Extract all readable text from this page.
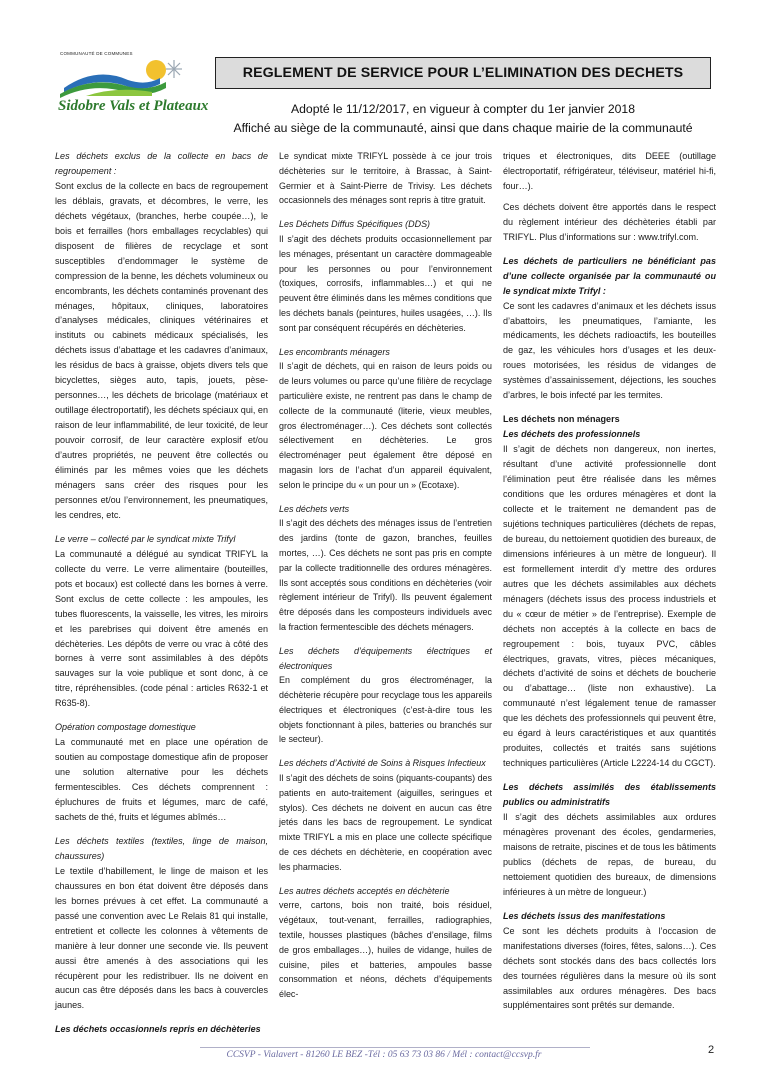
COMMUNAUTÉ DE COMMUNES
Sidobre Vals et Plateaux
REGLEMENT DE SERVICE POUR L’ELIMINATION DES DECHETS
Adopté le 11/12/2017, en vigueur à compter du 1er janvier 2018
Affiché au siège de la communauté, ainsi que dans chaque mairie de la communauté

Les déchets exclus de la collecte en bacs de regroupement :

Sont exclus de la collecte en bacs de regroupement les déblais, gravats, et décombres, le verre, les déchets végétaux, (branches, herbe coupée…), le bois et ferrailles (hors emballages recyclables) qui disposent de filières de recyclage et sont susceptibles d’endommager le système de compression de la benne, les déchets volumineux ou encombrants, les déchets contaminés provenant des ménages, hôpitaux, cliniques, laboratoires d’analyses médicales, cliniques vétérinaires et instituts ou cabinets médicaux spécialisés, les déchets issus d’abattage et les cadavres d’animaux, les résidus de bacs à graisse, objets divers tels que bicyclettes, sièges auto, tapis, jouets, pèse-personnes…, les déchets de bricolage (matériaux et outillage électroportatif), les déchets spéciaux qui, en raison de leur inflammabilité, de leur toxicité, de leur pouvoir corrosif, de leur caractère explosif et/ou d’autres propriétés, ne peuvent être collectés ou éliminés par les mêmes voies que les déchets ménagers sans créer des risques pour les personnes et/ou l’environnement, les pneumatiques, les cendres, etc.

Le verre – collecté par le syndicat mixte Trifyl

La communauté a délégué au syndicat TRIFYL la collecte du verre. Le verre alimentaire (bouteilles, pots et bocaux) est collecté dans les bornes à verre. Sont exclus de cette collecte : les ampoules, les tubes fluorescents, la vaisselle, les vitres, les miroirs et les parebrises qui doivent être amenés en déchèteries. Les dépôts de verre ou vrac à côté des bornes à verre sont assimilables à des dépôts sauvages sur la voie publique et sont donc, à ce titre, répréhensibles. (code pénal : articles R632-1 et R635-8).

Opération compostage domestique

La communauté met en place une opération de soutien au compostage domestique afin de proposer une solution alternative pour les déchets fermentescibles. Ces déchets comprennent : épluchures de fruits et légumes, marc de café, sachets de thé, fruits et légumes abîmés…

Les déchets textiles (textiles, linge de maison, chaussures)

Le textile d’habillement, le linge de maison et les chaussures en bon état doivent être déposés dans les bornes prévues à cet effet. La communauté a passé une convention avec Le Relais 81 qui installe, entretient et collecte les colonnes à vêtements de manière à leur donner une seconde vie. Ils peuvent aussi être amenés à des associations qui les récupèrent pour les redistribuer. Ils ne doivent en aucun cas être déposés dans les bacs à couvercles jaunes.

Les déchets occasionnels repris en déchèteries

Le syndicat mixte TRIFYL possède à ce jour trois déchèteries sur le territoire, à Brassac, à Saint-Germier et à Saint-Pierre de Trivisy. Les déchets occasionnels des ménages sont repris à titre gratuit.

Les Déchets Diffus Spécifiques (DDS)

Il s’agit des déchets produits occasionnellement par les ménages, présentant un caractère dommageable pour les personnes ou pour l’environnement (toxiques, corrosifs, inflammables…) et qui ne peuvent être éliminés dans les mêmes conditions que les déchets banals (peintures, huiles usagées, …). Ils sont par conséquent récupérés en déchèteries.

Les encombrants ménagers

Il s’agit de déchets, qui en raison de leurs poids ou de leurs volumes ou parce qu’une filière de recyclage particulière existe, ne rentrent pas dans le champ de collecte de la communauté (literie, vieux meubles, gros électroménager…). Ces déchets sont collectés sélectivement en déchèteries. Le gros électroménager peut également être déposé en magasin lors de l’achat d’un appareil équivalent, selon le principe du « un pour un » (Ecotaxe).

Les déchets verts

Il s’agit des déchets des ménages issus de l’entretien des jardins (tonte de gazon, branches, feuilles mortes, …). Ces déchets ne sont pas pris en compte par la collecte traditionnelle des ordures ménagères. Ils sont acceptés sous conditions en déchèteries (voir règlement intérieur de Trifyl). Ils peuvent également être déposés dans les composteurs individuels avec la fraction fermentescible des déchets ménagers.

Les déchets d’équipements électriques et électroniques

En complément du gros électroménager, la déchèterie récupère pour recyclage tous les appareils électriques et électroniques (c’est-à-dire tous les objets fonctionnant à piles, batteries ou branchés sur le secteur).

Les déchets d’Activité de Soins à Risques Infectieux

Il s’agit des déchets de soins (piquants-coupants) des patients en auto-traitement (aiguilles, seringues et stylos). Ces déchets ne doivent en aucun cas être jetés dans les bacs de regroupement. Le syndicat mixte TRIFYL a mis en place une collecte spécifique de ces déchets en déchèterie, en coopération avec les pharmacies.

Les autres déchets acceptés en déchèterie

verre, cartons, bois non traité, bois résiduel, végétaux, tout-venant, ferrailles, radiographies, textile, housses plastiques (bâches d’ensilage, films de gros emballages…), huiles de vidange, huiles de cuisine, piles et batteries, ampoules basse consommation et néons, déchets d’équipements élec-

triques et électroniques, dits DEEE (outillage électroportatif, réfrigérateur, téléviseur, matériel hi-fi, four…).

Ces déchets doivent être apportés dans le respect du règlement intérieur des déchèteries établi par TRIFYL. Plus d’informations sur : www.trifyl.com.

Les déchets de particuliers ne bénéficiant pas d’une collecte organisée par la communauté ou le syndicat mixte Trifyl :

Ce sont les cadavres d’animaux et les déchets issus d’abattoirs, les pneumatiques, l’amiante, les médicaments, les déchets radioactifs, les bouteilles de gaz, les véhicules hors d’usages et les deux-roues motorisées, les résidus de vidanges de systèmes d’assainissement, déjections, les souches d’arbres, le bois infecté par les termites.

Les déchets non ménagers

Les déchets des professionnels

Il s’agit de déchets non dangereux, non inertes, résultant d’une activité professionnelle dont l’élimination peut être réalisée dans les mêmes conditions que les ordures ménagères et dont la collecte et le traitement ne demandent pas de sujétions techniques particulières (déchets de repas, de bureau, du nettoiement quotidien des bureaux, de dimensions inférieures à un mètre de longueur). Il est formellement interdit d’y mettre des ordures autres que les déchets assimilables aux déchets ménagers (déchets issus des process industriels et du « cœur de métier » de l’entreprise). Exemple de déchets non acceptés à la collecte en bacs de regroupement : bois, tuyaux PVC, câbles électriques, gravats, vitres, pièces mécaniques, déchets d’activité de soins et déchets de boucherie ou d’abattage… (liste non exhaustive). La communauté n’est légalement tenue de ramasser que les déchets des professionnels qui peuvent être, eu égard à leurs caractéristiques et aux quantités produites, collectés et traités sans sujétions techniques particulières (Article L2224-14 du CGCT).

Les déchets assimilés des établissements publics ou administratifs

Il s’agit des déchets assimilables aux ordures ménagères provenant des écoles, gendarmeries, maisons de retraite, piscines et de tous les bâtiments publics (déchets de repas, de bureau, du nettoiement quotidien des bureaux, de dimensions inférieures à un mètre de longueur.)

Les déchets issus des manifestations

Ce sont les déchets produits à l’occasion de manifestations diverses (foires, fêtes, salons…). Ces déchets sont stockés dans des bacs collectés lors des tournées régulières dans la mesure où ils sont assimilables aux ordures ménagères. Des bacs supplémentaires sont prêtés sur demande.

CCSVP - Vialavert - 81260 LE BEZ -Tél : 05 63 73 03 86 / Mél : contact@ccsvp.fr	2
